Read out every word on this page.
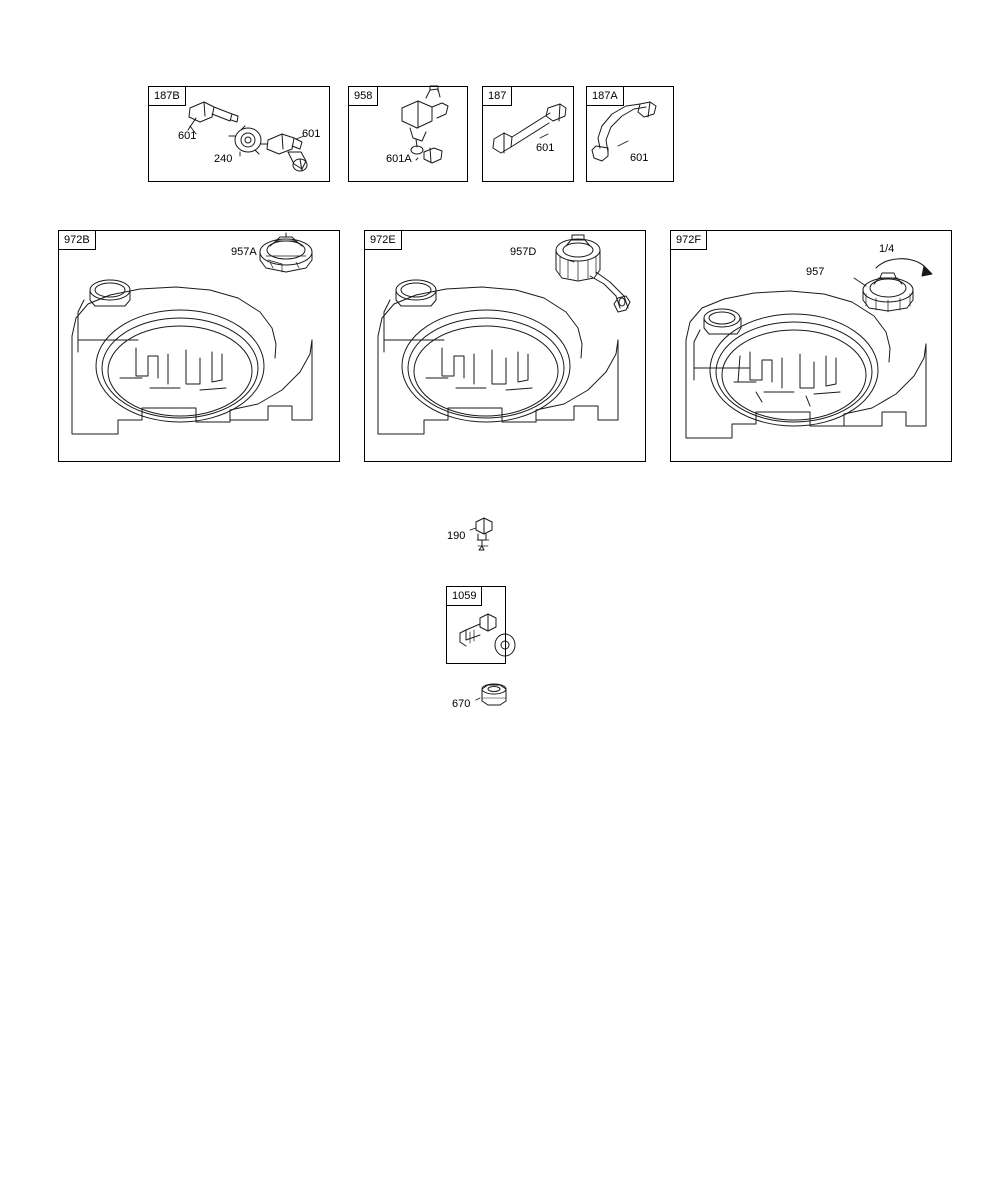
187B	958	187	187A
972B	972E	972F
1059
601
240
601
601A
601
601
957A	957D
957
1/4
190
670
